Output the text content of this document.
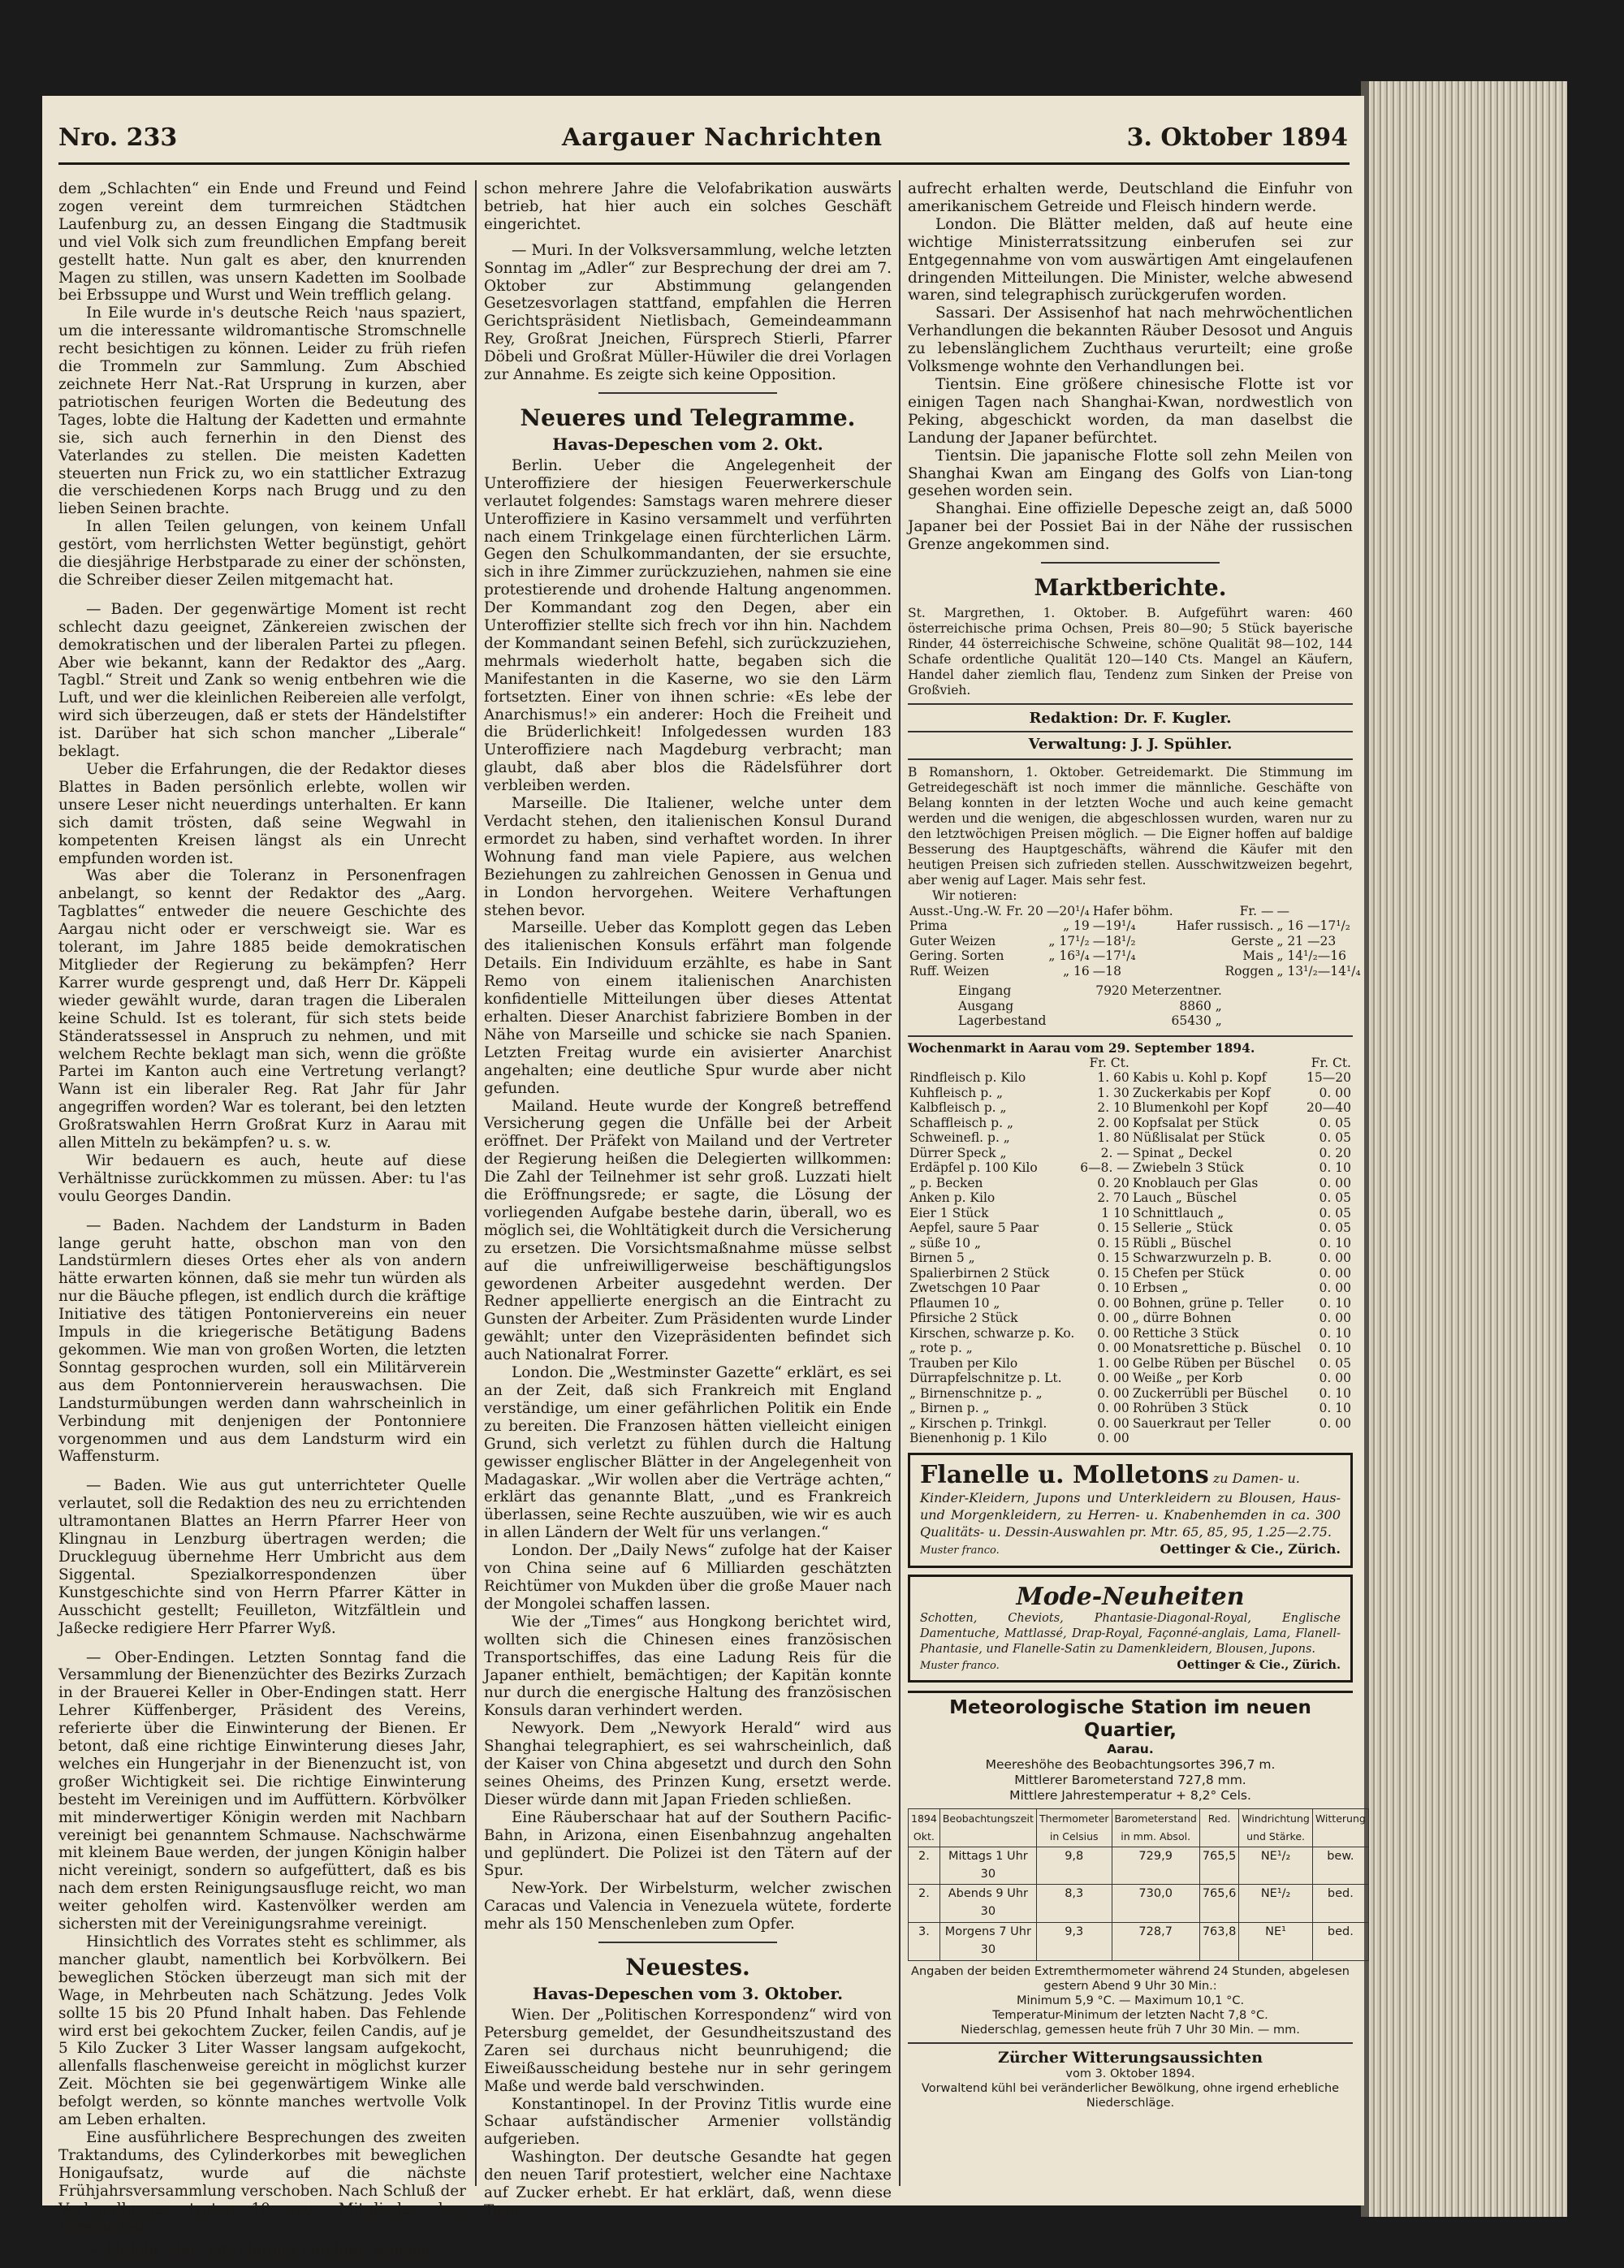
Nro. 233	Aargauer Nachrichten	3. Oktober 1894

dem „Schlachten“ ein Ende und Freund und Feind zogen vereint dem turmreichen Städtchen Laufenburg zu, an dessen Eingang die Stadtmusik und viel Volk sich zum freundlichen Empfang bereit gestellt hatte. Nun galt es aber, den knurrenden Magen zu stillen, was unsern Kadetten im Soolbade bei Erbssuppe und Wurst und Wein trefflich gelang.

In Eile wurde in's deutsche Reich 'naus spaziert, um die interessante wildromantische Stromschnelle recht besichtigen zu können. Leider zu früh riefen die Trommeln zur Sammlung. Zum Abschied zeichnete Herr Nat.-Rat Ursprung in kurzen, aber patriotischen feurigen Worten die Bedeutung des Tages, lobte die Haltung der Kadetten und ermahnte sie, sich auch fernerhin in den Dienst des Vaterlandes zu stellen. Die meisten Kadetten steuerten nun Frick zu, wo ein stattlicher Extrazug die verschiedenen Korps nach Brugg und zu den lieben Seinen brachte.

In allen Teilen gelungen, von keinem Unfall gestört, vom herrlichsten Wetter begünstigt, gehört die diesjährige Herbstparade zu einer der schönsten, die Schreiber dieser Zeilen mitgemacht hat.

— Baden. Der gegenwärtige Moment ist recht schlecht dazu geeignet, Zänkereien zwischen der demokratischen und der liberalen Partei zu pflegen. Aber wie bekannt, kann der Redaktor des „Aarg. Tagbl.“ Streit und Zank so wenig entbehren wie die Luft, und wer die kleinlichen Reibereien alle verfolgt, wird sich überzeugen, daß er stets der Händelstifter ist. Darüber hat sich schon mancher „Liberale“ beklagt.

Ueber die Erfahrungen, die der Redaktor dieses Blattes in Baden persönlich erlebte, wollen wir unsere Leser nicht neuerdings unterhalten. Er kann sich damit trösten, daß seine Wegwahl in kompetenten Kreisen längst als ein Unrecht empfunden worden ist.

Was aber die Toleranz in Personenfragen anbelangt, so kennt der Redaktor des „Aarg. Tagblattes“ entweder die neuere Geschichte des Aargau nicht oder er verschweigt sie. War es tolerant, im Jahre 1885 beide demokratischen Mitglieder der Regierung zu bekämpfen? Herr Karrer wurde gesprengt und, daß Herr Dr. Käppeli wieder gewählt wurde, daran tragen die Liberalen keine Schuld. Ist es tolerant, für sich stets beide Ständeratssessel in Anspruch zu nehmen, und mit welchem Rechte beklagt man sich, wenn die größte Partei im Kanton auch eine Vertretung verlangt? Wann ist ein liberaler Reg. Rat Jahr für Jahr angegriffen worden? War es tolerant, bei den letzten Großratswahlen Herrn Großrat Kurz in Aarau mit allen Mitteln zu bekämpfen? u. s. w.

Wir bedauern es auch, heute auf diese Verhältnisse zurückkommen zu müssen. Aber: tu l'as voulu Georges Dandin.

— Baden. Nachdem der Landsturm in Baden lange geruht hatte, obschon man von den Landstürmlern dieses Ortes eher als von andern hätte erwarten können, daß sie mehr tun würden als nur die Bäuche pflegen, ist endlich durch die kräftige Initiative des tätigen Pontoniervereins ein neuer Impuls in die kriegerische Betätigung Badens gekommen. Wie man von großen Worten, die letzten Sonntag gesprochen wurden, soll ein Militärverein aus dem Pontonnierverein herauswachsen. Die Landsturmübungen werden dann wahrscheinlich in Verbindung mit denjenigen der Pontonniere vorgenommen und aus dem Landsturm wird ein Waffensturm.

— Baden. Wie aus gut unterrichteter Quelle verlautet, soll die Redaktion des neu zu errichtenden ultramontanen Blattes an Herrn Pfarrer Heer von Klingnau in Lenzburg übertragen werden; die Druckleguug übernehme Herr Umbricht aus dem Siggental. Spezialkorrespondenzen über Kunstgeschichte sind von Herrn Pfarrer Kätter in Ausschicht gestellt; Feuilleton, Witzfältlein und Jaßecke redigiere Herr Pfarrer Wyß.

— Ober-Endingen. Letzten Sonntag fand die Versammlung der Bienenzüchter des Bezirks Zurzach in der Brauerei Keller in Ober-Endingen statt. Herr Lehrer Küffenberger, Präsident des Vereins, referierte über die Einwinterung der Bienen. Er betont, daß eine richtige Einwinterung dieses Jahr, welches ein Hungerjahr in der Bienenzucht ist, von großer Wichtigkeit sei. Die richtige Einwinterung besteht im Vereinigen und im Auffüttern. Körbvölker mit minderwertiger Königin werden mit Nachbarn vereinigt bei genanntem Schmause. Nachschwärme mit kleinem Baue werden, der jungen Königin halber nicht vereinigt, sondern so aufgefüttert, daß es bis nach dem ersten Reinigungsausfluge reicht, wo man weiter geholfen wird. Kastenvölker werden am sichersten mit der Vereinigungsrahme vereinigt.

Hinsichtlich des Vorrates steht es schlimmer, als mancher glaubt, namentlich bei Korbvölkern. Bei beweglichen Stöcken überzeugt man sich mit der Wage, in Mehrbeuten nach Schätzung. Jedes Volk sollte 15 bis 20 Pfund Inhalt haben. Das Fehlende wird erst bei gekochtem Zucker, feilen Candis, auf je 5 Kilo Zucker 3 Liter Wasser langsam aufgekocht, allenfalls flaschenweise gereicht in möglichst kurzer Zeit. Möchten sie bei gegenwärtigem Winke alle befolgt werden, so könnte manches wertvolle Volk am Leben erhalten.

Eine ausführlichere Besprechungen des zweiten Traktandums, des Cylinderkorbes mit beweglichen Honigaufsatz, wurde auf die nächste Frühjahrsversammlung verschoben. Nach Schluß der Verhandlungen traten 10 neue Mitglieder dem Vereine bei.

— Möhlin. Herr Otto Müller von hier, welcher

schon mehrere Jahre die Velofabrikation auswärts betrieb, hat hier auch ein solches Geschäft eingerichtet.

— Muri. In der Volksversammlung, welche letzten Sonntag im „Adler“ zur Besprechung der drei am 7. Oktober zur Abstimmung gelangenden Gesetzesvorlagen stattfand, empfahlen die Herren Gerichtspräsident Nietlisbach, Gemeindeammann Rey, Großrat Jneichen, Fürsprech Stierli, Pfarrer Döbeli und Großrat Müller-Hüwiler die drei Vorlagen zur Annahme. Es zeigte sich keine Opposition.

Neueres und Telegramme.
Havas-Depeschen vom 2. Okt.

Berlin. Ueber die Angelegenheit der Unteroffiziere der hiesigen Feuerwerkerschule verlautet folgendes: Samstags waren mehrere dieser Unteroffiziere in Kasino versammelt und verführten nach einem Trinkgelage einen fürchterlichen Lärm. Gegen den Schulkommandanten, der sie ersuchte, sich in ihre Zimmer zurückzuziehen, nahmen sie eine protestierende und drohende Haltung angenommen. Der Kommandant zog den Degen, aber ein Unteroffizier stellte sich frech vor ihn hin. Nachdem der Kommandant seinen Befehl, sich zurückzuziehen, mehrmals wiederholt hatte, begaben sich die Manifestanten in die Kaserne, wo sie den Lärm fortsetzten. Einer von ihnen schrie: «Es lebe der Anarchismus!» ein anderer: Hoch die Freiheit und die Brüderlichkeit! Infolgedessen wurden 183 Unteroffiziere nach Magdeburg verbracht; man glaubt, daß aber blos die Rädelsführer dort verbleiben werden.

Marseille. Die Italiener, welche unter dem Verdacht stehen, den italienischen Konsul Durand ermordet zu haben, sind verhaftet worden. In ihrer Wohnung fand man viele Papiere, aus welchen Beziehungen zu zahlreichen Genossen in Genua und in London hervorgehen. Weitere Verhaftungen stehen bevor.

Marseille. Ueber das Komplott gegen das Leben des italienischen Konsuls erfährt man folgende Details. Ein Individuum erzählte, es habe in Sant Remo von einem italienischen Anarchisten konfidentielle Mitteilungen über dieses Attentat erhalten. Dieser Anarchist fabriziere Bomben in der Nähe von Marseille und schicke sie nach Spanien. Letzten Freitag wurde ein avisierter Anarchist angehalten; eine deutliche Spur wurde aber nicht gefunden.

Mailand. Heute wurde der Kongreß betreffend Versicherung gegen die Unfälle bei der Arbeit eröffnet. Der Präfekt von Mailand und der Vertreter der Regierung heißen die Delegierten willkommen: Die Zahl der Teilnehmer ist sehr groß. Luzzati hielt die Eröffnungsrede; er sagte, die Lösung der vorliegenden Aufgabe bestehe darin, überall, wo es möglich sei, die Wohltätigkeit durch die Versicherung zu ersetzen. Die Vorsichtsmaßnahme müsse selbst auf die unfreiwilligerweise beschäftigungslos gewordenen Arbeiter ausgedehnt werden. Der Redner appellierte energisch an die Eintracht zu Gunsten der Arbeiter. Zum Präsidenten wurde Linder gewählt; unter den Vizepräsidenten befindet sich auch Nationalrat Forrer.

London. Die „Westminster Gazette“ erklärt, es sei an der Zeit, daß sich Frankreich mit England verständige, um einer gefährlichen Politik ein Ende zu bereiten. Die Franzosen hätten vielleicht einigen Grund, sich verletzt zu fühlen durch die Haltung gewisser englischer Blätter in der Angelegenheit von Madagaskar. „Wir wollen aber die Verträge achten,“ erklärt das genannte Blatt, „und es Frankreich überlassen, seine Rechte auszuüben, wie wir es auch in allen Ländern der Welt für uns verlangen.“

London. Der „Daily News“ zufolge hat der Kaiser von China seine auf 6 Milliarden geschätzten Reichtümer von Mukden über die große Mauer nach der Mongolei schaffen lassen.

Wie der „Times“ aus Hongkong berichtet wird, wollten sich die Chinesen eines französischen Transportschiffes, das eine Ladung Reis für die Japaner enthielt, bemächtigen; der Kapitän konnte nur durch die energische Haltung des französischen Konsuls daran verhindert werden.

Newyork. Dem „Newyork Herald“ wird aus Shanghai telegraphiert, es sei wahrscheinlich, daß der Kaiser von China abgesetzt und durch den Sohn seines Oheims, des Prinzen Kung, ersetzt werde. Dieser würde dann mit Japan Frieden schließen.

Eine Räuberschaar hat auf der Southern Pacific-Bahn, in Arizona, einen Eisenbahnzug angehalten und geplündert. Die Polizei ist den Tätern auf der Spur.

New-York. Der Wirbelsturm, welcher zwischen Caracas und Valencia in Venezuela wütete, forderte mehr als 150 Menschenleben zum Opfer.

Neuestes.
Havas-Depeschen vom 3. Oktober.

Wien. Der „Politischen Korrespondenz“ wird von Petersburg gemeldet, der Gesundheitszustand des Zaren sei durchaus nicht beunruhigend; die Eiweißausscheidung bestehe nur in sehr geringem Maße und werde bald verschwinden.

Konstantinopel. In der Provinz Titlis wurde eine Schaar aufständischer Armenier vollständig aufgerieben.

Washington. Der deutsche Gesandte hat gegen den neuen Tarif protestiert, welcher eine Nachtaxe auf Zucker erhebt. Er hat erklärt, daß, wenn diese Taxe

aufrecht erhalten werde, Deutschland die Einfuhr von amerikanischem Getreide und Fleisch hindern werde.

London. Die Blätter melden, daß auf heute eine wichtige Ministerratssitzung einberufen sei zur Entgegennahme von vom auswärtigen Amt eingelaufenen dringenden Mitteilungen. Die Minister, welche abwesend waren, sind telegraphisch zurückgerufen worden.

Sassari. Der Assisenhof hat nach mehrwöchentlichen Verhandlungen die bekannten Räuber Desosot und Anguis zu lebenslänglichem Zuchthaus verurteilt; eine große Volksmenge wohnte den Verhandlungen bei.

Tientsin. Eine größere chinesische Flotte ist vor einigen Tagen nach Shanghai-Kwan, nordwestlich von Peking, abgeschickt worden, da man daselbst die Landung der Japaner befürchtet.

Tientsin. Die japanische Flotte soll zehn Meilen von Shanghai Kwan am Eingang des Golfs von Lian-tong gesehen worden sein.

Shanghai. Eine offizielle Depesche zeigt an, daß 5000 Japaner bei der Possiet Bai in der Nähe der russischen Grenze angekommen sind.

Marktberichte.
St. Margrethen, 1. Oktober. B. Aufgeführt waren: 460 österreichische prima Ochsen, Preis 80—90; 5 Stück bayerische Rinder, 44 österreichische Schweine, schöne Qualität 98—102, 144 Schafe ordentliche Qualität 120—140 Cts. Mangel an Käufern, Handel daher ziemlich flau, Tendenz zum Sinken der Preise von Großvieh.
Redaktion: Dr. F. Kugler.
Verwaltung: J. J. Spühler.
B Romanshorn, 1. Oktober. Getreidemarkt. Die Stimmung im Getreidegeschäft ist noch immer die männliche. Geschäfte von Belang konnten in der letzten Woche und auch keine gemacht werden und die wenigen, die abgeschlossen wurden, waren nur zu den letztwöchigen Preisen möglich. — Die Eigner hoffen auf baldige Besserung des Hauptgeschäfts, während die Käufer mit den heutigen Preisen sich zufrieden stellen. Ausschwitzweizen begehrt, aber wenig auf Lager. Mais sehr fest.
Wir notieren:
Ausst.-Ung.-W. Fr. 20	—20¹/₄	Hafer böhm.	Fr. —	—
Prima	„ 19	—19¹/₄	Hafer russisch.	„ 16 —17¹/₂
Guter Weizen	„ 17¹/₂	—18¹/₂	Gerste	„ 21 —23
Gering. Sorten	„ 16³/₄	—17¹/₄	Mais	„ 14¹/₂—16
Ruff. Weizen	„ 16	—18	Roggen	„ 13¹/₂—14¹/₄
Eingang	7920 Meterzentner.
Ausgang	8860 „
Lagerbestand	65430 „
Wochenmarkt in Aarau vom 29. September 1894.
	Fr. Ct.		Fr. Ct.
Rindfleisch p. Kilo	1. 60	Kabis u. Kohl p. Kopf	15—20
Kuhfleisch p. „	1. 30	Zuckerkabis per Kopf	0. 00
Kalbfleisch p. „	2. 10	Blumenkohl per Kopf	20—40
Schaffleisch p. „	2. 00	Kopfsalat per Stück	0. 05
Schweinefl. p. „	1. 80	Nüßlisalat per Stück	0. 05
Dürrer Speck „	2. —	Spinat „ Deckel	0. 20
Erdäpfel p. 100 Kilo	6—8. —	Zwiebeln 3 Stück	0. 10
„ p. Becken	0. 20	Knoblauch per Glas	0. 00
Anken p. Kilo	2. 70	Lauch „ Büschel	0. 05
Eier 1 Stück	1 10	Schnittlauch „	0. 05
Aepfel, saure 5 Paar	0. 15	Sellerie „ Stück	0. 05
„ süße 10 „	0. 15	Rübli „ Büschel	0. 10
Birnen 5 „	0. 15	Schwarzwurzeln p. B.	0. 00
Spalierbirnen 2 Stück	0. 15	Chefen per Stück	0. 00
Zwetschgen 10 Paar	0. 10	Erbsen „	0. 00
Pflaumen 10 „	0. 00	Bohnen, grüne p. Teller	0. 10
Pfirsiche 2 Stück	0. 00	„ dürre Bohnen	0. 00
Kirschen, schwarze p. Ko.	0. 00	Rettiche 3 Stück	0. 10
„ rote p. „	0. 00	Monatsrettiche p. Büschel	0. 10
Trauben per Kilo	1. 00	Gelbe Rüben per Büschel	0. 05
Dürrapfelschnitze p. Lt.	0. 00	Weiße „ per Korb	0. 00
„ Birnenschnitze p. „	0. 00	Zuckerrübli per Büschel	0. 10
„ Birnen p. „	0. 00	Rohrüben 3 Stück	0. 10
„ Kirschen p. Trinkgl.	0. 00	Sauerkraut per Teller	0. 00
Bienenhonig p. 1 Kilo	0. 00		
Flanelle u. Molletons zu Damen- u.
Kinder-Kleidern, Jupons und Unterkleidern zu Blousen, Haus- und Morgenkleidern, zu Herren- u. Knabenhemden in ca. 300 Qualitäts- u. Dessin-Auswahlen pr. Mtr. 65, 85, 95, 1.25—2.75.
Muster franco.	Oettinger & Cie., Zürich.
Mode-Neuheiten
Schotten, Cheviots, Phantasie-Diagonal-Royal, Englische Damentuche, Mattlassé, Drap-Royal, Façonné-anglais, Lama, Flanell-Phantasie, und Flanelle-Satin zu Damenkleidern, Blousen, Jupons.
Muster franco.	Oettinger & Cie., Zürich.
Meteorologische Station im neuen Quartier,
Aarau.
Meereshöhe des Beobachtungsortes 396,7 m.
Mittlerer Barometerstand 727,8 mm.
Mittlere Jahrestemperatur + 8,2° Cels.
1894 Okt.	Beobachtungszeit	Thermometer in Celsius	Barometerstand in mm. Absol.	Red.	Windrichtung und Stärke.	Witterung
2.	Mittags 1 Uhr 30	9,8	729,9	765,5	NE¹/₂	bew.
2.	Abends 9 Uhr 30	8,3	730,0	765,6	NE¹/₂	bed.
3.	Morgens 7 Uhr 30	9,3	728,7	763,8	NE¹	bed.
Angaben der beiden Extremthermometer während 24 Stunden, abgelesen gestern Abend 9 Uhr 30 Min.:
Minimum 5,9 °C. — Maximum 10,1 °C.
Temperatur-Minimum der letzten Nacht 7,8 °C.
Niederschlag, gemessen heute früh 7 Uhr 30 Min. — mm.
Zürcher Witterungsaussichten
vom 3. Oktober 1894.
Vorwaltend kühl bei veränderlicher Bewölkung, ohne irgend erhebliche Niederschläge.
